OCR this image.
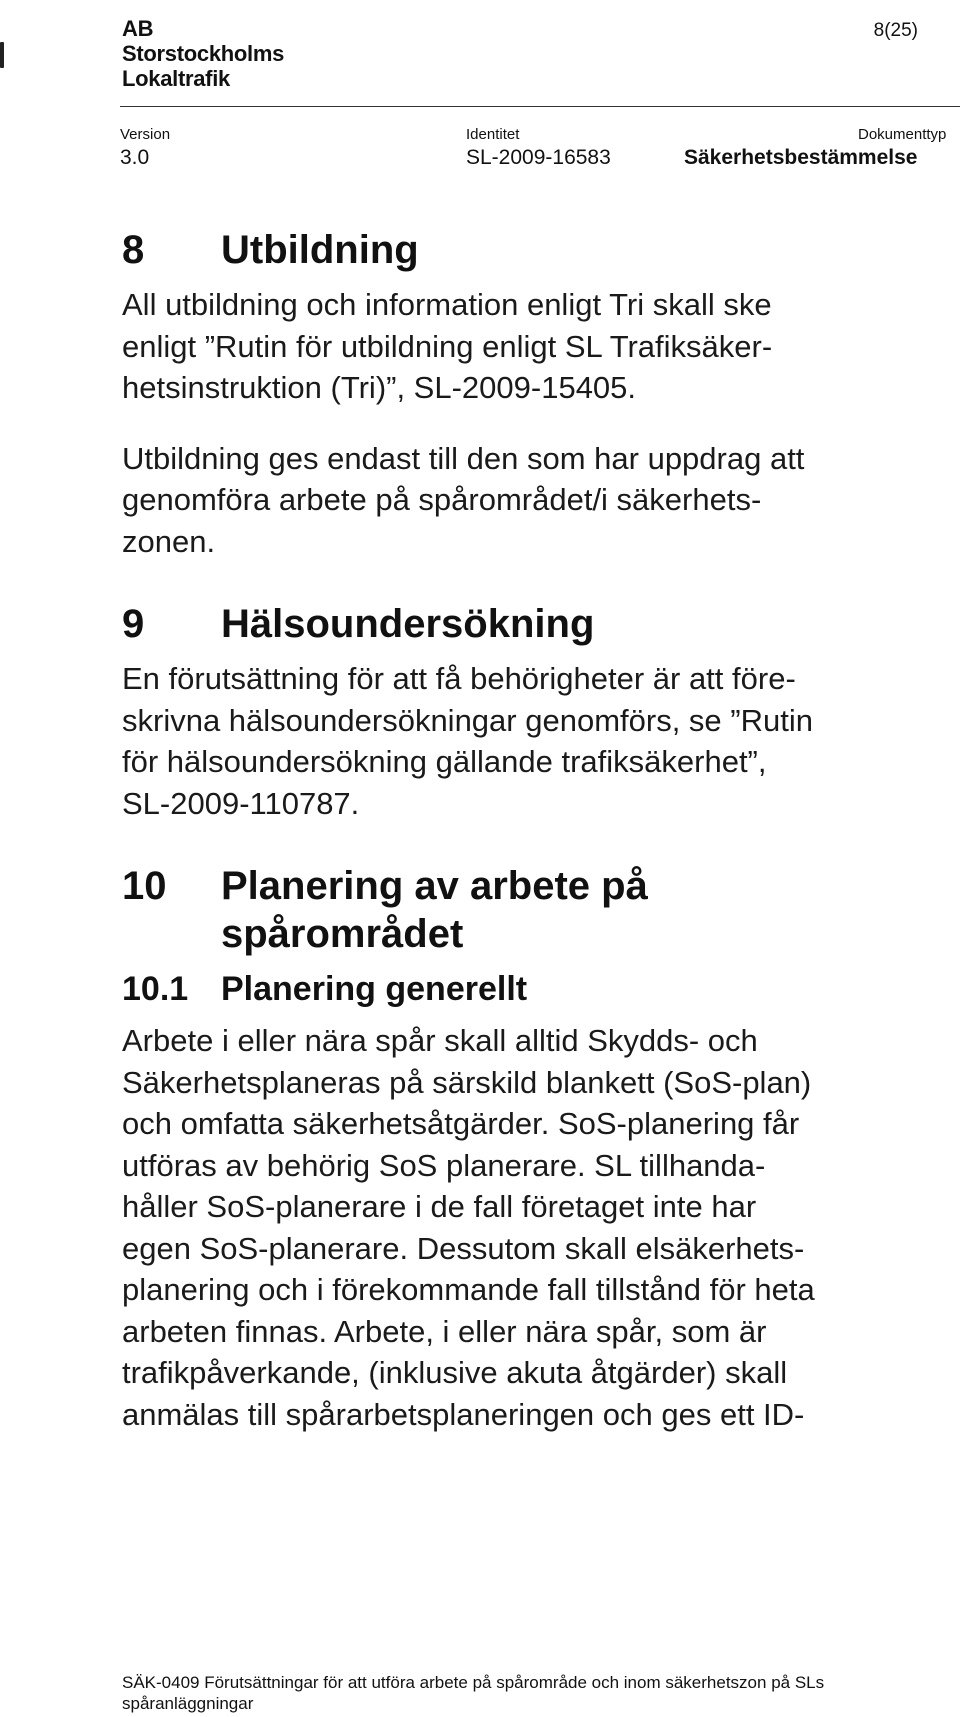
AB
Storstockholms
Lokaltrafik
8(25)
Version
3.0
Identitet
SL-2009-16583
Dokumenttyp
Säkerhetsbestämmelse
8	Utbildning

All utbildning och information enligt Tri skall ske
enligt ”Rutin för utbildning enligt SL Trafiksäker-
hetsinstruktion (Tri)”, SL-2009-15405.

Utbildning ges endast till den som har uppdrag att
genomföra arbete på spårområdet/i säkerhets-
zonen.

9	Hälsoundersökning

En förutsättning för att få behörigheter är att före-
skrivna hälsoundersökningar genomförs, se ”Rutin
för hälsoundersökning gällande trafiksäkerhet”,
SL-2009-110787.

10	Planering av arbete på
spårområdet
10.1 Planering generellt

Arbete i eller nära spår skall alltid Skydds- och
Säkerhetsplaneras på särskild blankett (SoS-plan)
och omfatta säkerhetsåtgärder. SoS-planering får
utföras av behörig SoS planerare. SL tillhanda-
håller SoS-planerare i de fall företaget inte har
egen SoS-planerare. Dessutom skall elsäkerhets-
planering och i förekommande fall tillstånd för heta
arbeten finnas. Arbete, i eller nära spår, som är
trafikpåverkande, (inklusive akuta åtgärder) skall
anmälas till spårarbetsplaneringen och ges ett ID-

SÄK-0409 Förutsättningar för att utföra arbete på spårområde och inom säkerhetszon på SLs
spåranläggningar
